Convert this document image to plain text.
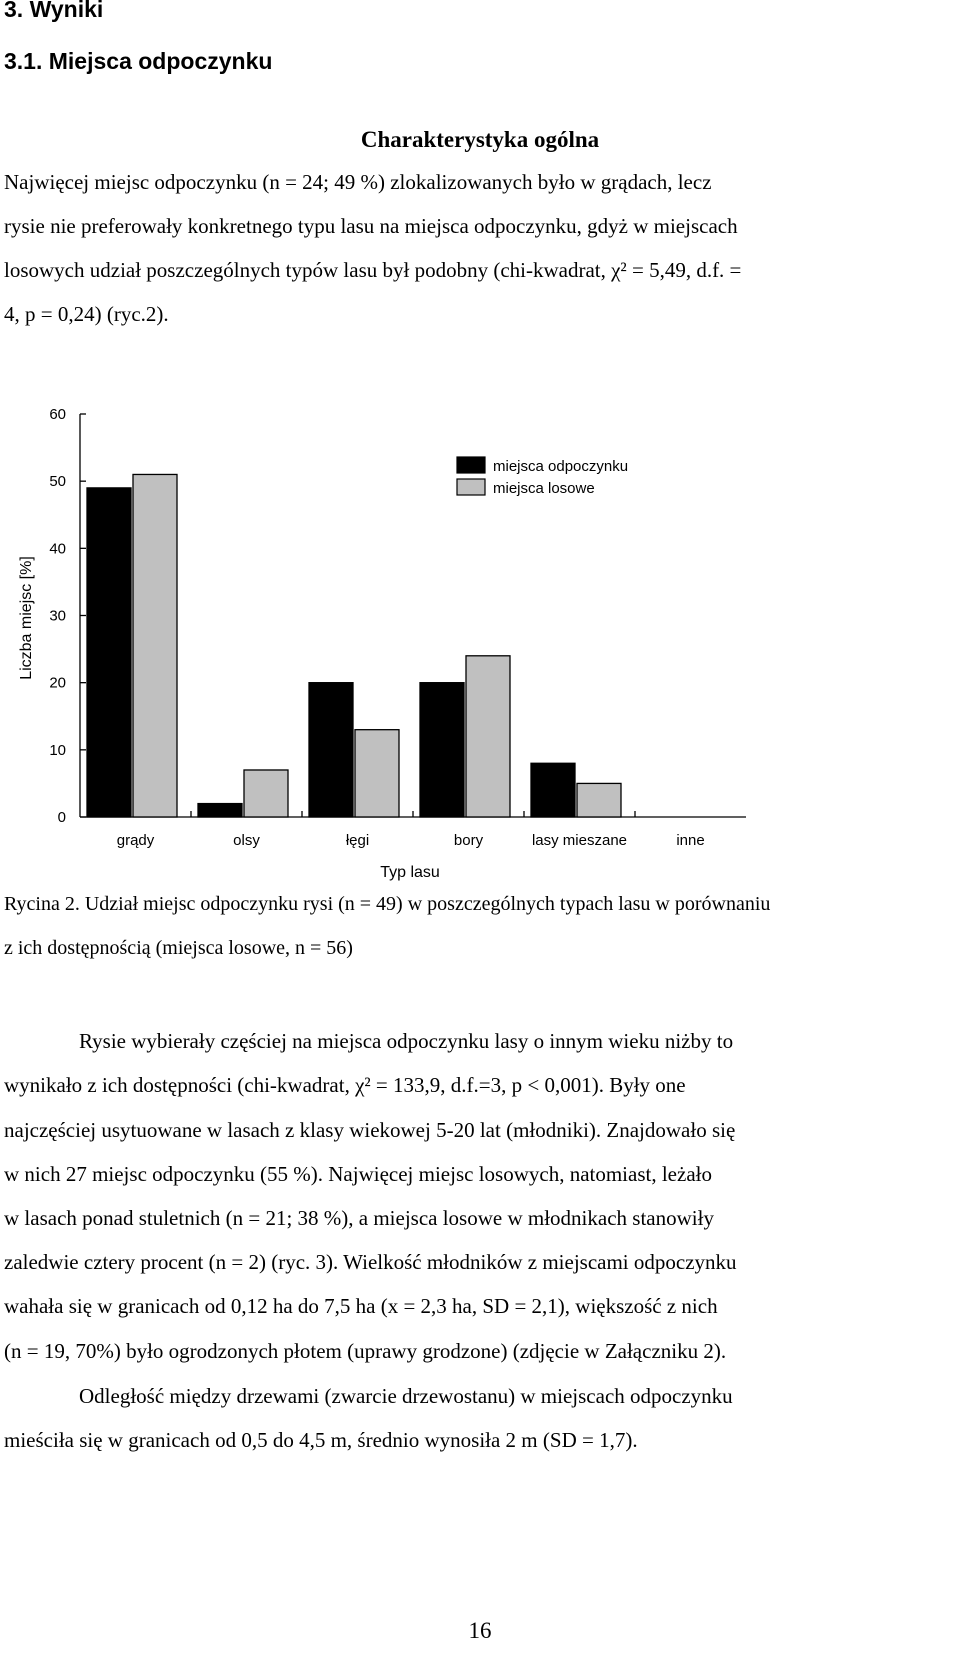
3. Wyniki
3.1. Miejsca odpoczynku
Charakterystyka ogólna
Najwięcej miejsc odpoczynku (n = 24; 49 %) zlokalizowanych było w grądach, lecz
rysie nie preferowały konkretnego typu lasu na miejsca odpoczynku, gdyż w miejscach
losowych udział poszczególnych typów lasu był podobny (chi-kwadrat, χ² = 5,49, d.f. =
4, p = 0,24) (ryc.2).
0
10
20
30
40
50
60
grądy	olsy	łęgi	bory	lasy mieszane	inne
miejsca odpoczynku
miejsca losowe
Typ lasu
Liczba miejsc [%]
Rycina 2. Udział miejsc odpoczynku rysi (n = 49) w poszczególnych typach lasu w porównaniu
z ich dostępnością (miejsca losowe, n = 56)
Rysie wybierały częściej na miejsca odpoczynku lasy o innym wieku niżby to
wynikało z ich dostępności (chi-kwadrat, χ² = 133,9, d.f.=3, p < 0,001). Były one
najczęściej usytuowane w lasach z klasy wiekowej 5-20 lat (młodniki). Znajdowało się
w nich 27 miejsc odpoczynku (55 %). Najwięcej miejsc losowych, natomiast, leżało
w lasach ponad stuletnich (n = 21; 38 %), a miejsca losowe w młodnikach stanowiły
zaledwie cztery procent (n = 2) (ryc. 3). Wielkość młodników z miejscami odpoczynku
wahała się w granicach od 0,12 ha do 7,5 ha (x = 2,3 ha, SD = 2,1), większość z nich
(n = 19, 70%) było ogrodzonych płotem (uprawy grodzone) (zdjęcie w Załączniku 2).
Odległość między drzewami (zwarcie drzewostanu) w miejscach odpoczynku
mieściła się w granicach od 0,5 do 4,5 m, średnio wynosiła 2 m (SD = 1,7).
16
